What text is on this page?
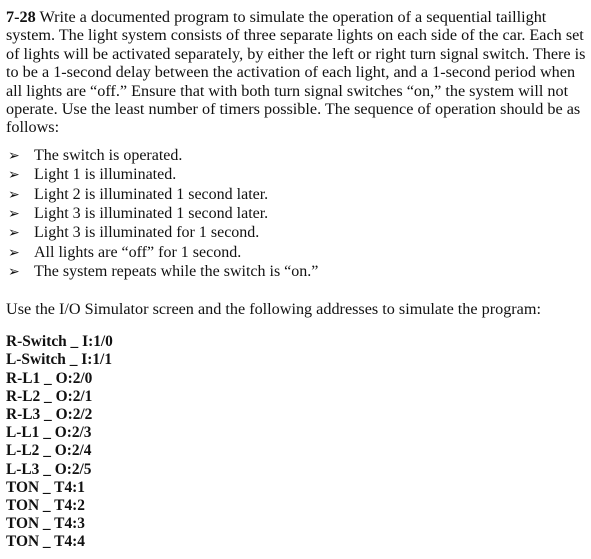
7-28 Write a documented program to simulate the operation of a sequential taillight system. The light system consists of three separate lights on each side of the car. Each set of lights will be activated separately, by either the left or right turn signal switch. There is to be a 1-second delay between the activation of each light, and a 1-second period when all lights are “off.” Ensure that with both turn signal switches “on,” the system will not operate. Use the least number of timers possible. The sequence of operation should be as follows:

➢ The switch is operated.
➢ Light 1 is illuminated.
➢ Light 2 is illuminated 1 second later.
➢ Light 3 is illuminated 1 second later.
➢ Light 3 is illuminated for 1 second.
➢ All lights are “off” for 1 second.
➢ The system repeats while the switch is “on.”

Use the I/O Simulator screen and the following addresses to simulate the program:

R-Switch _ I:1/0
L-Switch _ I:1/1
R-L1 _ O:2/0
R-L2 _ O:2/1
R-L3 _ O:2/2
L-L1 _ O:2/3
L-L2 _ O:2/4
L-L3 _ O:2/5
TON _ T4:1
TON _ T4:2
TON _ T4:3
TON _ T4:4
